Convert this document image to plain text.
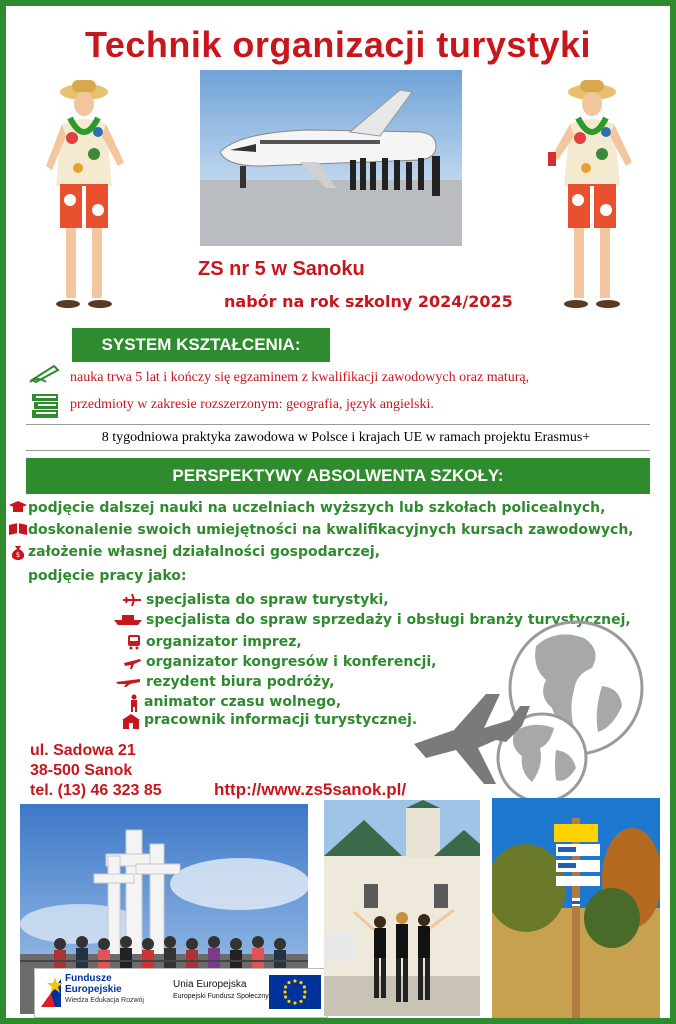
Technik organizacji turystyki
ZS nr 5 w Sanoku
nabór na rok szkolny 2024/2025
SYSTEM KSZTAŁCENIA:
nauka trwa 5 lat i kończy się egzaminem z kwalifikacji zawodowych oraz maturą,
przedmioty w zakresie rozszerzonym: geografia, język angielski.
8 tygodniowa praktyka zawodowa w Polsce i krajach UE w ramach projektu Erasmus+
PERSPEKTYWY ABSOLWENTA SZKOŁY:
podjęcie dalszej nauki na uczelniach wyższych lub szkołach policealnych,
doskonalenie swoich umiejętności na kwalifikacyjnych kursach zawodowych,
$ założenie własnej działalności gospodarczej,
podjęcie pracy jako:
specjalista do spraw turystyki,
specjalista do spraw sprzedaży i obsługi branży turystycznej,
organizator imprez,
organizator kongresów i konferencji,
rezydent biura podróży,
animator czasu wolnego,
pracownik informacji turystycznej.
ul. Sadowa 21
38-500 Sanok
tel. (13) 46 323 85	http://www.zs5sanok.pl/
Fundusze
Europejskie
Wiedza Edukacja Rozwój
Unia Europejska
Europejski Fundusz Społeczny
